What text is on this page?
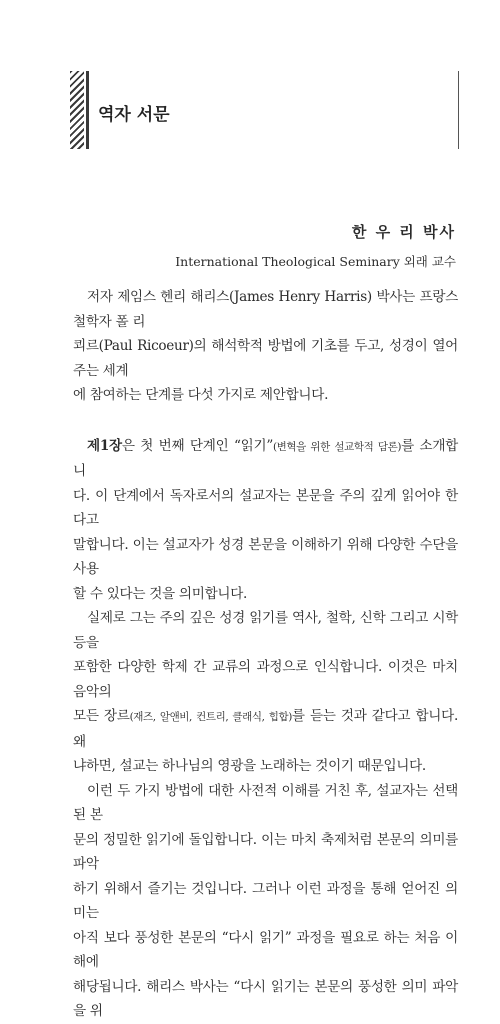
역자 서문
한 우 리 박사
International Theological Seminary 외래 교수

저자 제임스 헨리 해리스(James Henry Harris) 박사는 프랑스 철학자 폴 리
쾨르(Paul Ricoeur)의 해석학적 방법에 기초를 두고, 성경이 열어 주는 세계
에 참여하는 단계를 다섯 가지로 제안합니다.

제1장은 첫 번째 단계인 “읽기”(변혁을 위한 설교학적 담론)를 소개합니
다. 이 단계에서 독자로서의 설교자는 본문을 주의 깊게 읽어야 한다고
말합니다. 이는 설교자가 성경 본문을 이해하기 위해 다양한 수단을 사용
할 수 있다는 것을 의미합니다.

실제로 그는 주의 깊은 성경 읽기를 역사, 철학, 신학 그리고 시학 등을
포함한 다양한 학제 간 교류의 과정으로 인식합니다. 이것은 마치 음악의
모든 장르(재즈, 알앤비, 컨트리, 클래식, 힙합)를 듣는 것과 같다고 합니다. 왜
냐하면, 설교는 하나님의 영광을 노래하는 것이기 때문입니다.

이런 두 가지 방법에 대한 사전적 이해를 거친 후, 설교자는 선택된 본
문의 정밀한 읽기에 돌입합니다. 이는 마치 축제처럼 본문의 의미를 파악
하기 위해서 즐기는 것입니다. 그러나 이런 과정을 통해 얻어진 의미는
아직 보다 풍성한 본문의 “다시 읽기” 과정을 필요로 하는 처음 이해에
해당됩니다. 해리스 박사는 “다시 읽기는 본문의 풍성한 의미 파악을 위
